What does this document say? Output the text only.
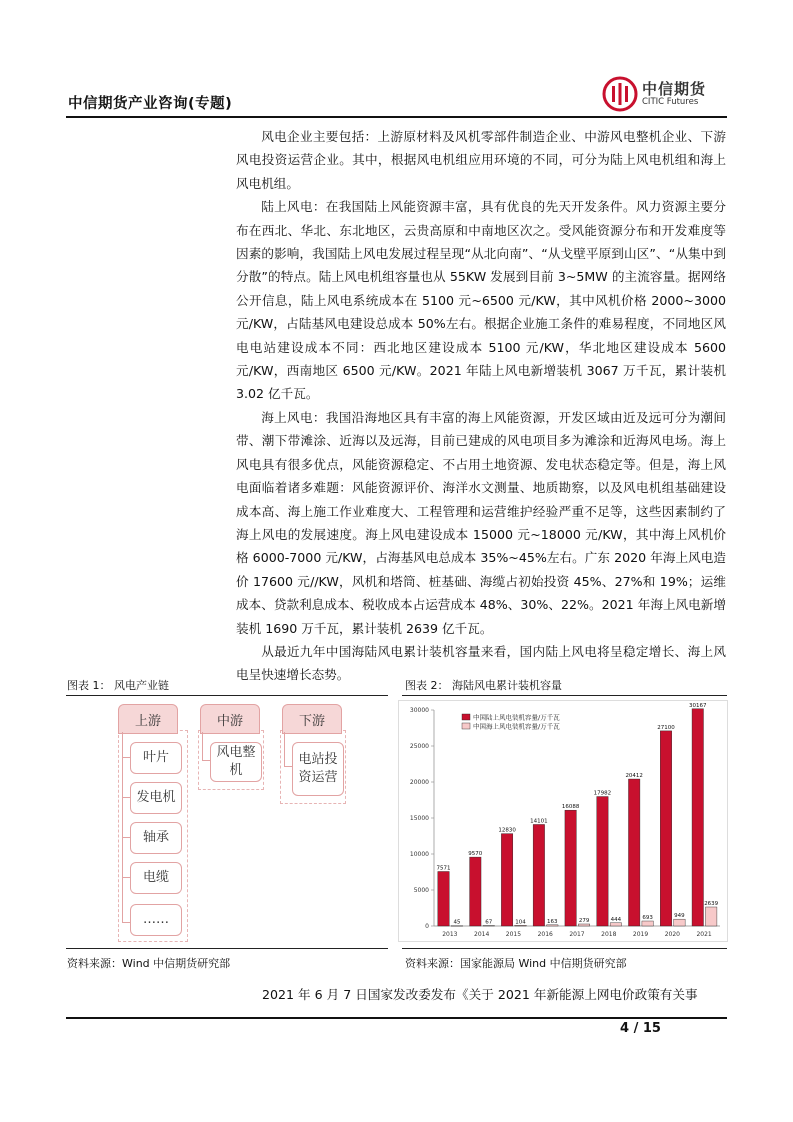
中信期货产业咨询(专题)
中信期货
CITIC Futures

风电企业主要包括：上游原材料及风机零部件制造企业、中游风电整机企业、下游风电投资运营企业。其中，根据风电机组应用环境的不同，可分为陆上风电机组和海上风电机组。

陆上风电：在我国陆上风能资源丰富，具有优良的先天开发条件。风力资源主要分布在西北、华北、东北地区，云贵高原和中南地区次之。受风能资源分布和开发难度等因素的影响，我国陆上风电发展过程呈现“从北向南”、“从戈壁平原到山区”、“从集中到分散”的特点。陆上风电机组容量也从 55KW 发展到目前 3~5MW 的主流容量。据网络公开信息，陆上风电系统成本在 5100 元~6500 元/KW，其中风机价格 2000~3000 元/KW，占陆基风电建设总成本 50%左右。根据企业施工条件的难易程度，不同地区风电电站建设成本不同：西北地区建设成本 5100 元/KW，华北地区建设成本 5600 元/KW，西南地区 6500 元/KW。2021 年陆上风电新增装机 3067 万千瓦，累计装机 3.02 亿千瓦。

海上风电：我国沿海地区具有丰富的海上风能资源，开发区域由近及远可分为潮间带、潮下带滩涂、近海以及远海，目前已建成的风电项目多为滩涂和近海风电场。海上风电具有很多优点，风能资源稳定、不占用土地资源、发电状态稳定等。但是，海上风电面临着诸多难题：风能资源评价、海洋水文测量、地质勘察，以及风电机组基础建设成本高、海上施工作业难度大、工程管理和运营维护经验严重不足等，这些因素制约了海上风电的发展速度。海上风电建设成本 15000 元~18000 元/KW，其中海上风机价格 6000-7000 元/KW，占海基风电总成本 35%~45%左右。广东 2020 年海上风电造价 17600 元//KW，风机和塔筒、桩基础、海缆占初始投资 45%、27%和 19%；运维成本、贷款利息成本、税收成本占运营成本 48%、30%、22%。2021 年海上风电新增装机 1690 万千瓦，累计装机 2639 亿千瓦。

从最近九年中国海陆风电累计装机容量来看，国内陆上风电将呈稳定增长、海上风电呈快速增长态势。

图表 1： 风电产业链
上游	中游	下游
叶片
发电机
轴承
电缆
……
风电整机
电站投资运营
资料来源：Wind 中信期货研究部
图表 2： 海陆风电累计装机容量
0
5000
10000
15000
20000
25000
30000
7571
45
2013
9570
67
2014
12830
104
2015
14101
163
2016
16088
279
2017
17982
444
2018
20412
693
2019
27100
949
2020
30167
2639
2021
中国陆上风电装机容量/万千瓦
中国海上风电装机容量/万千瓦
资料来源：国家能源局 Wind 中信期货研究部
2021 年 6 月 7 日国家发改委发布《关于 2021 年新能源上网电价政策有关事
4 / 15
